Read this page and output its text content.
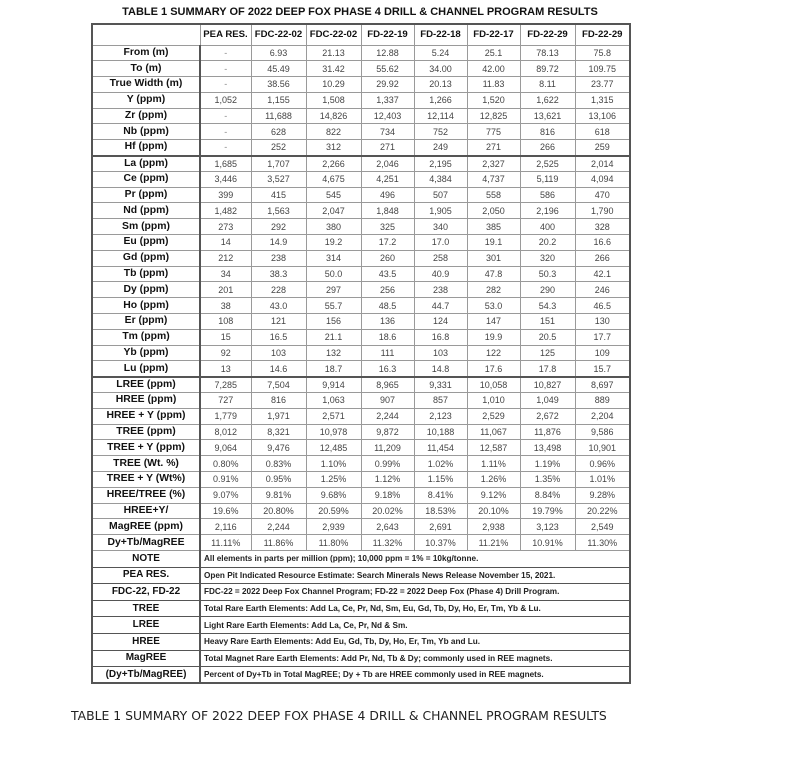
TABLE 1 SUMMARY OF 2022 DEEP FOX PHASE 4 DRILL & CHANNEL PROGRAM RESULTS
	PEA RES.	FDC-22-02	FDC-22-02	FD-22-19	FD-22-18	FD-22-17	FD-22-29	FD-22-29
From (m)	-	6.93	21.13	12.88	5.24	25.1	78.13	75.8
To (m)	-	45.49	31.42	55.62	34.00	42.00	89.72	109.75
True Width (m)	-	38.56	10.29	29.92	20.13	11.83	8.11	23.77
Y (ppm)	1,052	1,155	1,508	1,337	1,266	1,520	1,622	1,315
Zr (ppm)	-	11,688	14,826	12,403	12,114	12,825	13,621	13,106
Nb (ppm)	-	628	822	734	752	775	816	618
Hf (ppm)	-	252	312	271	249	271	266	259
La (ppm)	1,685	1,707	2,266	2,046	2,195	2,327	2,525	2,014
Ce (ppm)	3,446	3,527	4,675	4,251	4,384	4,737	5,119	4,094
Pr (ppm)	399	415	545	496	507	558	586	470
Nd (ppm)	1,482	1,563	2,047	1,848	1,905	2,050	2,196	1,790
Sm (ppm)	273	292	380	325	340	385	400	328
Eu (ppm)	14	14.9	19.2	17.2	17.0	19.1	20.2	16.6
Gd (ppm)	212	238	314	260	258	301	320	266
Tb (ppm)	34	38.3	50.0	43.5	40.9	47.8	50.3	42.1
Dy (ppm)	201	228	297	256	238	282	290	246
Ho (ppm)	38	43.0	55.7	48.5	44.7	53.0	54.3	46.5
Er (ppm)	108	121	156	136	124	147	151	130
Tm (ppm)	15	16.5	21.1	18.6	16.8	19.9	20.5	17.7
Yb (ppm)	92	103	132	111	103	122	125	109
Lu (ppm)	13	14.6	18.7	16.3	14.8	17.6	17.8	15.7
LREE (ppm)	7,285	7,504	9,914	8,965	9,331	10,058	10,827	8,697
HREE (ppm)	727	816	1,063	907	857	1,010	1,049	889
HREE + Y (ppm)	1,779	1,971	2,571	2,244	2,123	2,529	2,672	2,204
TREE (ppm)	8,012	8,321	10,978	9,872	10,188	11,067	11,876	9,586
TREE + Y (ppm)	9,064	9,476	12,485	11,209	11,454	12,587	13,498	10,901
TREE (Wt. %)	0.80%	0.83%	1.10%	0.99%	1.02%	1.11%	1.19%	0.96%
TREE + Y (Wt%)	0.91%	0.95%	1.25%	1.12%	1.15%	1.26%	1.35%	1.01%
HREE/TREE (%)	9.07%	9.81%	9.68%	9.18%	8.41%	9.12%	8.84%	9.28%
HREE+Y/	19.6%	20.80%	20.59%	20.02%	18.53%	20.10%	19.79%	20.22%
MagREE (ppm)	2,116	2,244	2,939	2,643	2,691	2,938	3,123	2,549
Dy+Tb/MagREE	11.11%	11.86%	11.80%	11.32%	10.37%	11.21%	10.91%	11.30%
NOTE	All elements in parts per million (ppm); 10,000 ppm = 1% = 10kg/tonne.							
PEA RES.	Open Pit Indicated Resource Estimate: Search Minerals News Release November 15, 2021.							
FDC-22, FD-22	FDC-22 = 2022 Deep Fox Channel Program; FD-22 = 2022 Deep Fox (Phase 4) Drill Program.							
TREE	Total Rare Earth Elements: Add La, Ce, Pr, Nd, Sm, Eu, Gd, Tb, Dy, Ho, Er, Tm, Yb & Lu.							
LREE	Light Rare Earth Elements: Add La, Ce, Pr, Nd & Sm.							
HREE	Heavy Rare Earth Elements: Add Eu, Gd, Tb, Dy, Ho, Er, Tm, Yb and Lu.							
MagREE	Total Magnet Rare Earth Elements: Add Pr, Nd, Tb & Dy; commonly used in REE magnets.							
(Dy+Tb/MagREE)	Percent of Dy+Tb in Total MagREE; Dy + Tb are HREE commonly used in REE magnets.							
TABLE 1 SUMMARY OF 2022 DEEP FOX PHASE 4 DRILL & CHANNEL PROGRAM RESULTS
